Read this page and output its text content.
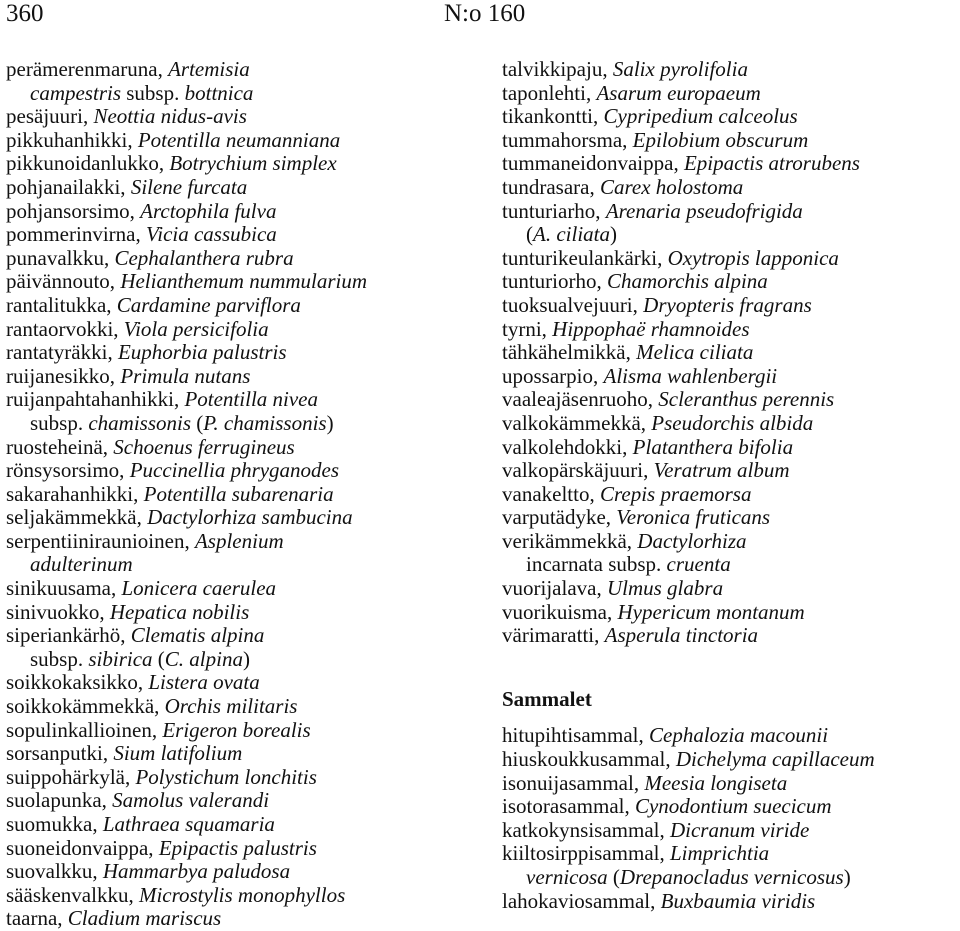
360	N:o 160
perämerenmaruna, Artemisia
campestris subsp. bottnica
pesäjuuri, Neottia nidus-avis
pikkuhanhikki, Potentilla neumanniana
pikkunoidanlukko, Botrychium simplex
pohjanailakki, Silene furcata
pohjansorsimo, Arctophila fulva
pommerinvirna, Vicia cassubica
punavalkku, Cephalanthera rubra
päivännouto, Helianthemum nummularium
rantalitukka, Cardamine parviflora
rantaorvokki, Viola persicifolia
rantatyräkki, Euphorbia palustris
ruijanesikko, Primula nutans
ruijanpahtahanhikki, Potentilla nivea
subsp. chamissonis (P. chamissonis)
ruosteheinä, Schoenus ferrugineus
rönsysorsimo, Puccinellia phryganodes
sakarahanhikki, Potentilla subarenaria
seljakämmekkä, Dactylorhiza sambucina
serpentiiniraunioinen, Asplenium
adulterinum
sinikuusama, Lonicera caerulea
sinivuokko, Hepatica nobilis
siperiankärhö, Clematis alpina
subsp. sibirica (C. alpina)
soikkokaksikko, Listera ovata
soikkokämmekkä, Orchis militaris
sopulinkallioinen, Erigeron borealis
sorsanputki, Sium latifolium
suippohärkylä, Polystichum lonchitis
suolapunka, Samolus valerandi
suomukka, Lathraea squamaria
suoneidonvaippa, Epipactis palustris
suovalkku, Hammarbya paludosa
sääskenvalkku, Microstylis monophyllos
taarna, Cladium mariscus
talvikkipaju, Salix pyrolifolia
taponlehti, Asarum europaeum
tikankontti, Cypripedium calceolus
tummahorsma, Epilobium obscurum
tummaneidonvaippa, Epipactis atrorubens
tundrasara, Carex holostoma
tunturiarho, Arenaria pseudofrigida
(A. ciliata)
tunturikeulankärki, Oxytropis lapponica
tunturiorho, Chamorchis alpina
tuoksualvejuuri, Dryopteris fragrans
tyrni, Hippophaë rhamnoides
tähkähelmikkä, Melica ciliata
upossarpio, Alisma wahlenbergii
vaaleajäsenruoho, Scleranthus perennis
valkokämmekkä, Pseudorchis albida
valkolehdokki, Platanthera bifolia
valkopärskäjuuri, Veratrum album
vanakeltto, Crepis praemorsa
varputädyke, Veronica fruticans
verikämmekkä, Dactylorhiza
incarnata subsp. cruenta
vuorijalava, Ulmus glabra
vuorikuisma, Hypericum montanum
värimaratti, Asperula tinctoria
Sammalet
hitupihtisammal, Cephalozia macounii
hiuskoukkusammal, Dichelyma capillaceum
isonuijasammal, Meesia longiseta
isotorasammal, Cynodontium suecicum
katkokynsisammal, Dicranum viride
kiiltosirppisammal, Limprichtia
vernicosa (Drepanocladus vernicosus)
lahokaviosammal, Buxbaumia viridis
